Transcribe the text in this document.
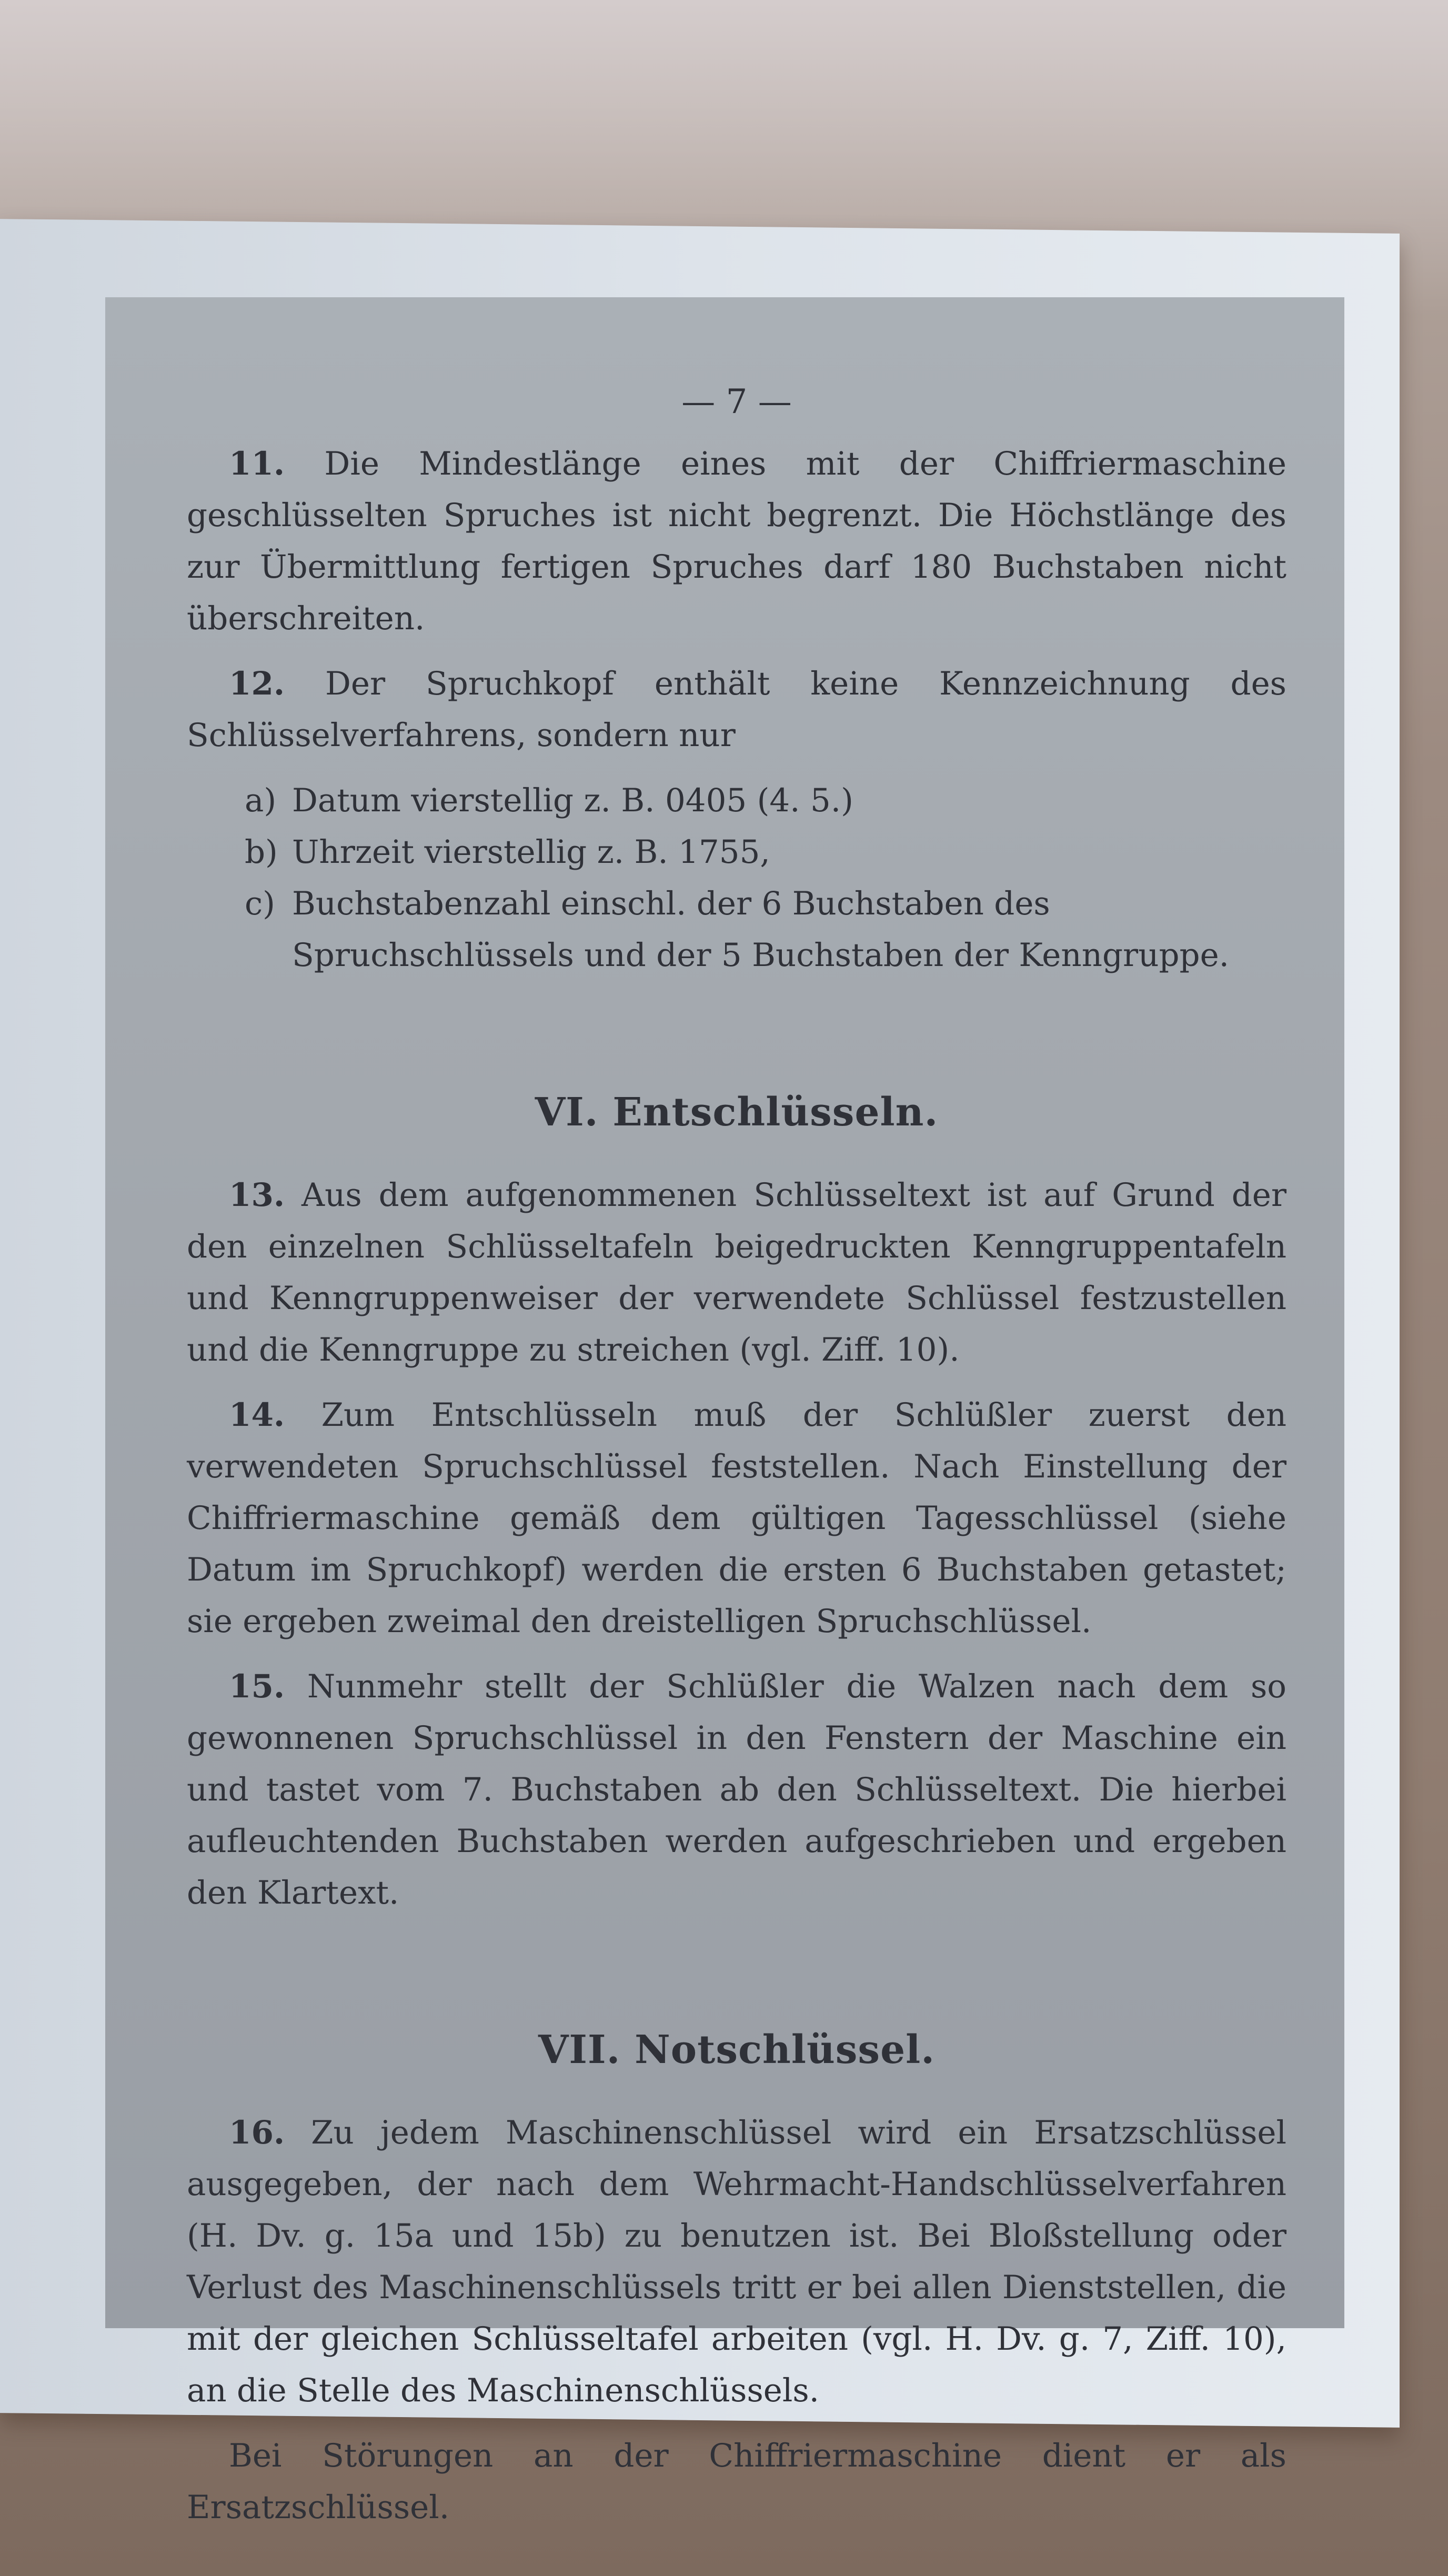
— 7 —

11. Die Mindestlänge eines mit der Chiffriermaschine geschlüsselten Spruches ist nicht begrenzt. Die Höchstlänge des zur Übermittlung fertigen Spruches darf 180 Buchstaben nicht überschreiten.

12. Der Spruchkopf enthält keine Kennzeichnung des Schlüsselverfahrens, sondern nur

a) Datum vierstellig z. B. 0405 (4. 5.)
b) Uhrzeit vierstellig z. B. 1755,
c) Buchstabenzahl einschl. der 6 Buchstaben des Spruchschlüssels und der 5 Buchstaben der Kenngruppe.
VI. Entschlüsseln.

13. Aus dem aufgenommenen Schlüsseltext ist auf Grund der den einzelnen Schlüsseltafeln beigedruckten Kenngruppentafeln und Kenngruppenweiser der verwendete Schlüssel festzustellen und die Kenngruppe zu streichen (vgl. Ziff. 10).

14. Zum Entschlüsseln muß der Schlüßler zuerst den verwendeten Spruchschlüssel feststellen. Nach Einstellung der Chiffriermaschine gemäß dem gültigen Tagesschlüssel (siehe Datum im Spruchkopf) werden die ersten 6 Buchstaben getastet; sie ergeben zweimal den dreistelligen Spruchschlüssel.

15. Nunmehr stellt der Schlüßler die Walzen nach dem so gewonnenen Spruchschlüssel in den Fenstern der Maschine ein und tastet vom 7. Buchstaben ab den Schlüsseltext. Die hierbei aufleuchtenden Buchstaben werden aufgeschrieben und ergeben den Klartext.

VII. Notschlüssel.

16. Zu jedem Maschinenschlüssel wird ein Ersatzschlüssel ausgegeben, der nach dem Wehrmacht-Handschlüsselverfahren (H. Dv. g. 15a und 15b) zu benutzen ist. Bei Bloßstellung oder Verlust des Maschinenschlüssels tritt er bei allen Dienststellen, die mit der gleichen Schlüsseltafel arbeiten (vgl. H. Dv. g. 7, Ziff. 10), an die Stelle des Maschinenschlüssels.

Bei Störungen an der Chiffriermaschine dient er als Ersatzschlüssel.
